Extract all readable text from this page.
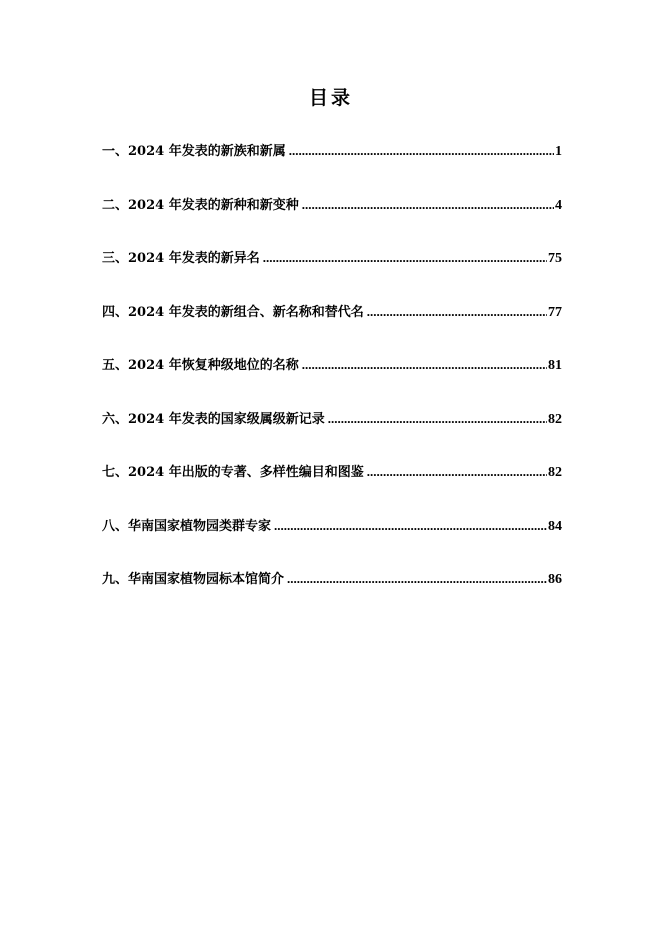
目录
一、2024 年发表的新族和新属 .....	1
二、2024 年发表的新种和新变种 .....	4
三、2024 年发表的新异名 .....	75
四、2024 年发表的新组合、新名称和替代名 .....	77
五、2024 年恢复种级地位的名称 .....	81
六、2024 年发表的国家级属级新记录 .....	82
七、2024 年出版的专著、多样性编目和图鉴 .....	82
八、华南国家植物园类群专家 .....	84
九、华南国家植物园标本馆简介 .....	86
